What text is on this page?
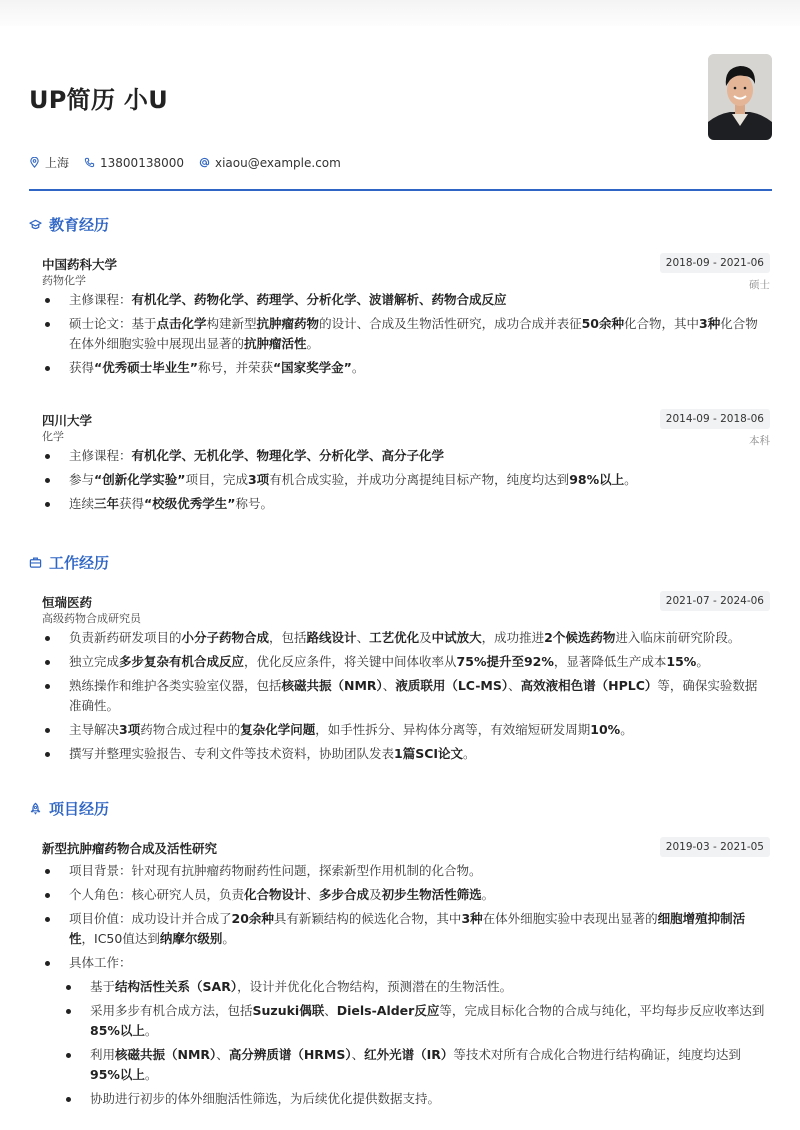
UP简历 小U
上海	13800138000	xiaou@example.com
教育经历
中国药科大学
药物化学
2018-09 - 2021-06
硕士
主修课程：有机化学、药物化学、药理学、分析化学、波谱解析、药物合成反应
硕士论文：基于点击化学构建新型抗肿瘤药物的设计、合成及生物活性研究，成功合成并表征50余种化合物，其中3种化合物在体外细胞实验中展现出显著的抗肿瘤活性。
获得“优秀硕士毕业生”称号，并荣获“国家奖学金”。
四川大学
化学
2014-09 - 2018-06
本科
主修课程：有机化学、无机化学、物理化学、分析化学、高分子化学
参与“创新化学实验”项目，完成3项有机合成实验，并成功分离提纯目标产物，纯度均达到98%以上。
连续三年获得“校级优秀学生”称号。
工作经历
恒瑞医药
高级药物合成研究员
2021-07 - 2024-06
负责新药研发项目的小分子药物合成，包括路线设计、工艺优化及中试放大，成功推进2个候选药物进入临床前研究阶段。
独立完成多步复杂有机合成反应，优化反应条件，将关键中间体收率从75%提升至92%，显著降低生产成本15%。
熟练操作和维护各类实验室仪器，包括核磁共振（NMR）、液质联用（LC-MS）、高效液相色谱（HPLC）等，确保实验数据准确性。
主导解决3项药物合成过程中的复杂化学问题，如手性拆分、异构体分离等，有效缩短研发周期10%。
撰写并整理实验报告、专利文件等技术资料，协助团队发表1篇SCI论文。
项目经历
新型抗肿瘤药物合成及活性研究	2019-03 - 2021-05
项目背景：针对现有抗肿瘤药物耐药性问题，探索新型作用机制的化合物。
个人角色：核心研究人员，负责化合物设计、多步合成及初步生物活性筛选。
项目价值：成功设计并合成了20余种具有新颖结构的候选化合物，其中3种在体外细胞实验中表现出显著的细胞增殖抑制活性，IC50值达到纳摩尔级别。
具体工作：
基于结构活性关系（SAR），设计并优化化合物结构，预测潜在的生物活性。
采用多步有机合成方法，包括Suzuki偶联、Diels-Alder反应等，完成目标化合物的合成与纯化，平均每步反应收率达到85%以上。
利用核磁共振（NMR）、高分辨质谱（HRMS）、红外光谱（IR）等技术对所有合成化合物进行结构确证，纯度均达到95%以上。
协助进行初步的体外细胞活性筛选，为后续优化提供数据支持。
